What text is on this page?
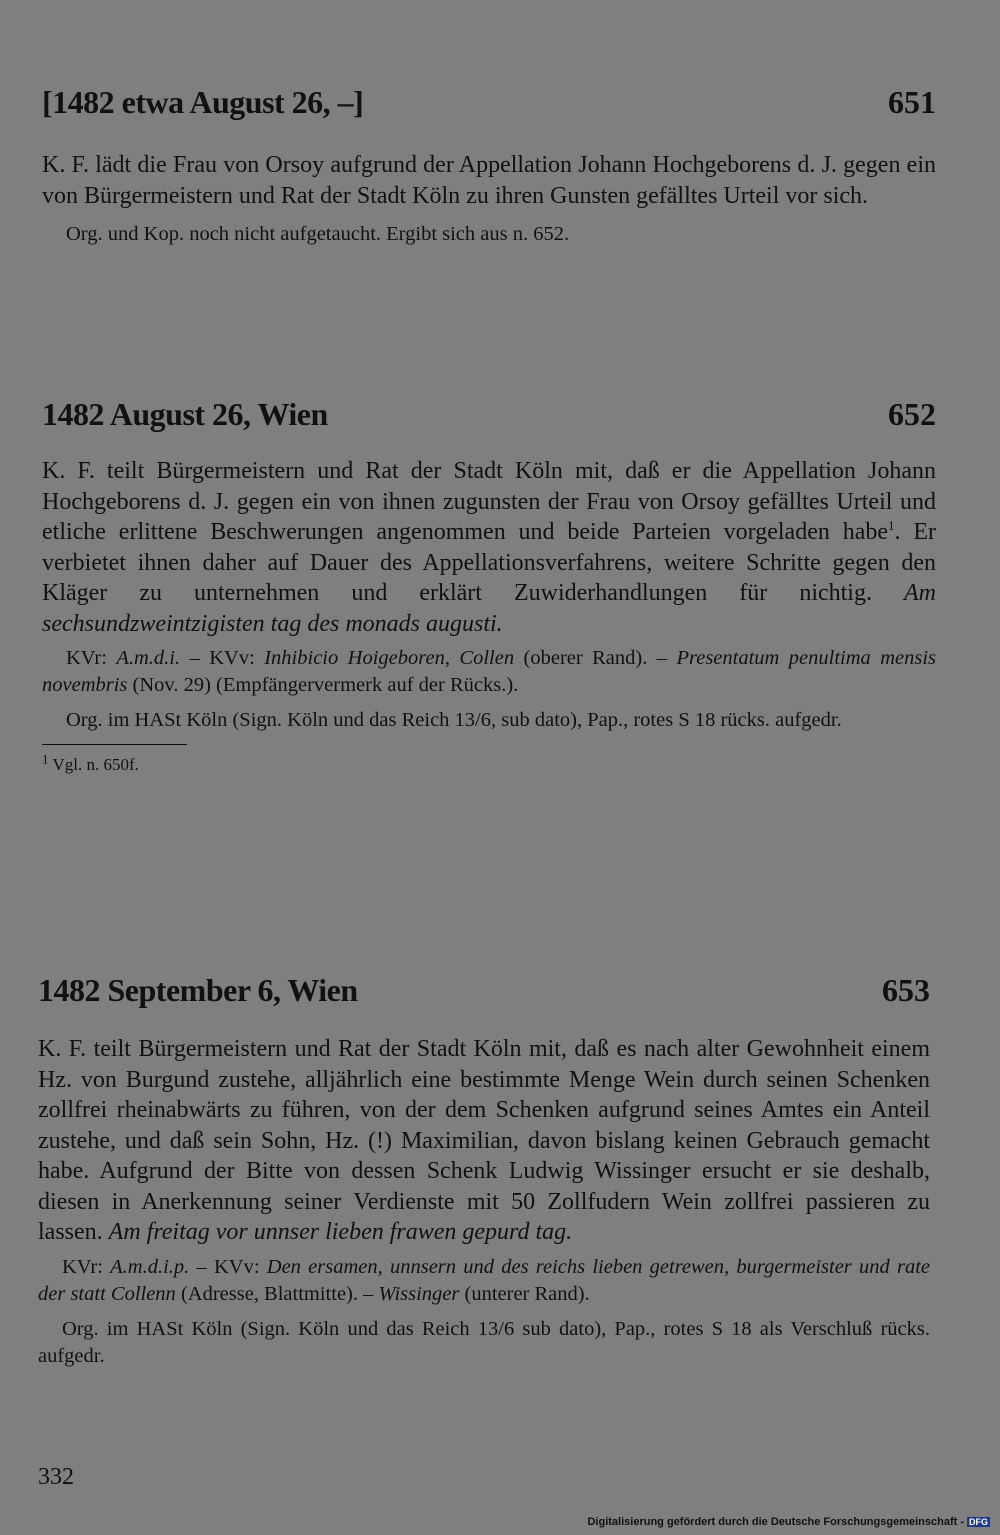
[1482 etwa August 26, –]	651

K. F. lädt die Frau von Orsoy aufgrund der Appellation Johann Hochgeborens d. J. gegen ein von Bürgermeistern und Rat der Stadt Köln zu ihren Gunsten gefälltes Urteil vor sich.

Org. und Kop. noch nicht aufgetaucht. Ergibt sich aus n. 652.

1482 August 26, Wien	652

K. F. teilt Bürgermeistern und Rat der Stadt Köln mit, daß er die Appellation Johann Hochgeborens d. J. gegen ein von ihnen zugunsten der Frau von Orsoy gefälltes Urteil und etliche erlittene Beschwerungen angenommen und beide Parteien vorgeladen habe$^1$. Er verbietet ihnen daher auf Dauer des Appellationsverfahrens, weitere Schritte gegen den Kläger zu unternehmen und erklärt Zuwiderhandlungen für nichtig. Am sechsundzweintzigisten tag des monads augusti.

KVr: A.m.d.i. – KVv: Inhibicio Hoigeboren, Collen (oberer Rand). – Presentatum penultima mensis novembris (Nov. 29) (Empfängervermerk auf der Rücks.).

Org. im HASt Köln (Sign. Köln und das Reich 13/6, sub dato), Pap., rotes S 18 rücks. aufgedr.

$^1$ Vgl. n. 650f.

1482 September 6, Wien	653

K. F. teilt Bürgermeistern und Rat der Stadt Köln mit, daß es nach alter Gewohnheit einem Hz. von Burgund zustehe, alljährlich eine bestimmte Menge Wein durch seinen Schenken zollfrei rheinabwärts zu führen, von der dem Schenken aufgrund seines Amtes ein Anteil zustehe, und daß sein Sohn, Hz. (!) Maximilian, davon bislang keinen Gebrauch gemacht habe. Aufgrund der Bitte von dessen Schenk Ludwig Wissinger ersucht er sie deshalb, diesen in Anerkennung seiner Verdienste mit 50 Zollfudern Wein zollfrei passieren zu lassen. Am freitag vor unnser lieben frawen gepurd tag.

KVr: A.m.d.i.p. – KVv: Den ersamen, unnsern und des reichs lieben getrewen, burgermeister und rate der statt Collenn (Adresse, Blattmitte). – Wissinger (unterer Rand).

Org. im HASt Köln (Sign. Köln und das Reich 13/6 sub dato), Pap., rotes S 18 als Verschluß rücks. aufgedr.

332
Digitalisierung gefördert durch die Deutsche Forschungsgemeinschaft - DFG
